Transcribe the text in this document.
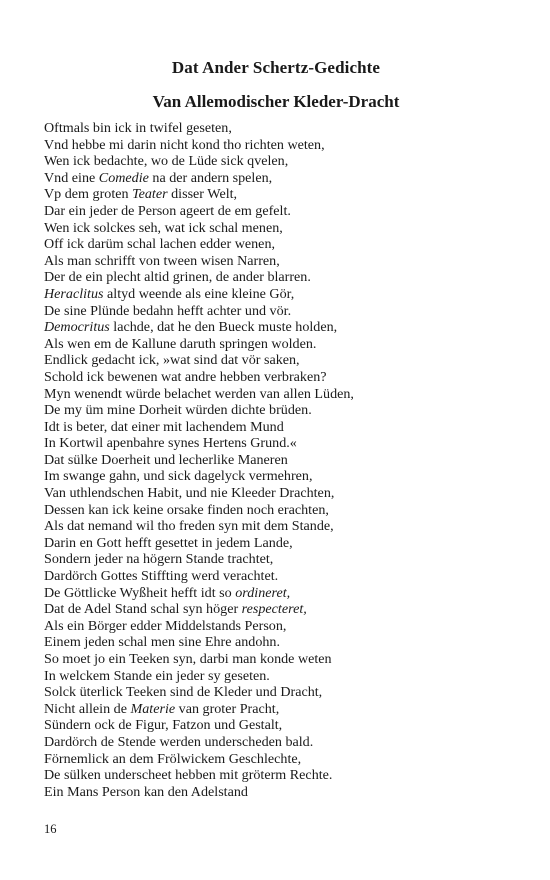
Dat Ander Schertz-Gedichte
Van Allemodischer Kleder-Dracht
Oftmals bin ick in twifel geseten,
Vnd hebbe mi darin nicht kond tho richten weten,
Wen ick bedachte, wo de Lüde sick qvelen,
Vnd eine Comedie na der andern spelen,
Vp dem groten Teater disser Welt,
Dar ein jeder de Person ageert de em gefelt.
Wen ick solckes seh, wat ick schal menen,
Off ick darüm schal lachen edder wenen,
Als man schrifft von tween wisen Narren,
Der de ein plecht altid grinen, de ander blarren.
Heraclitus altyd weende als eine kleine Gör,
De sine Plünde bedahn hefft achter und vör.
Democritus lachde, dat he den Bueck muste holden,
Als wen em de Kallune daruth springen wolden.
Endlick gedacht ick, »wat sind dat vör saken,
Schold ick bewenen wat andre hebben verbraken?
Myn wenendt würde belachet werden van allen Lüden,
De my üm mine Dorheit würden dichte brüden.
Idt is beter, dat einer mit lachendem Mund
In Kortwil apenbahre synes Hertens Grund.«
Dat sülke Doerheit und lecherlike Maneren
Im swange gahn, und sick dagelyck vermehren,
Van uthlendschen Habit, und nie Kleeder Drachten,
Dessen kan ick keine orsake finden noch erachten,
Als dat nemand wil tho freden syn mit dem Stande,
Darin en Gott hefft gesettet in jedem Lande,
Sondern jeder na högern Stande trachtet,
Dardörch Gottes Stiffting werd verachtet.
De Göttlicke Wyßheit hefft idt so ordineret,
Dat de Adel Stand schal syn höger respecteret,
Als ein Börger edder Middelstands Person,
Einem jeden schal men sine Ehre andohn.
So moet jo ein Teeken syn, darbi man konde weten
In welckem Stande ein jeder sy geseten.
Solck üterlick Teeken sind de Kleder und Dracht,
Nicht allein de Materie van groter Pracht,
Sündern ock de Figur, Fatzon und Gestalt,
Dardörch de Stende werden underscheden bald.
Förnemlick an dem Frölwickem Geschlechte,
De sülken underscheet hebben mit gröterm Rechte.
Ein Mans Person kan den Adelstand
16
